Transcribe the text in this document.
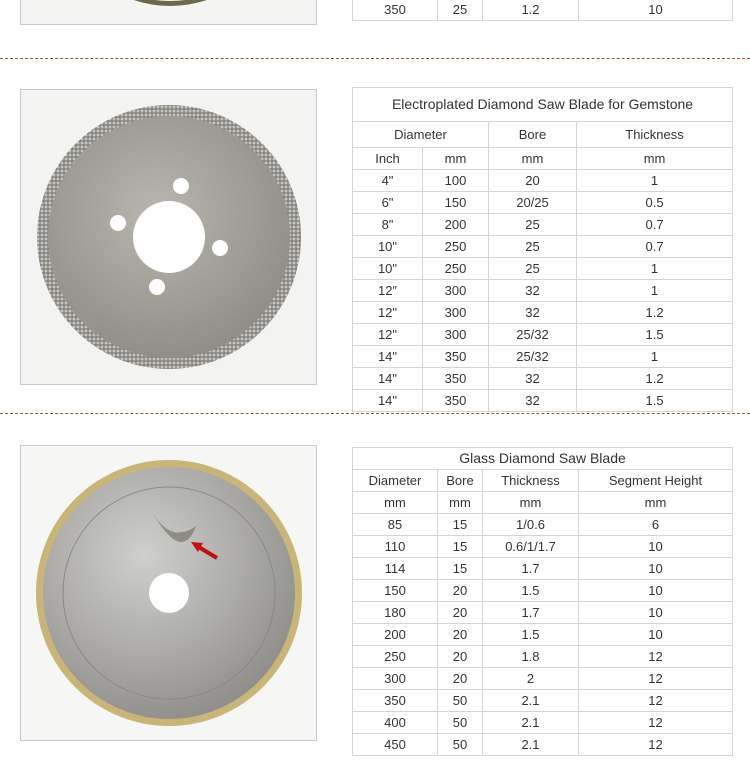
350	25	1.2	10
Electroplated Diamond Saw Blade for Gemstone			
Diameter		Bore	Thickness
Inch	mm	mm	mm
4"	100	20	1
6"	150	20/25	0.5
8"	200	25	0.7
10"	250	25	0.7
10"	250	25	1
12″	300	32	1
12"	300	32	1.2
12"	300	25/32	1.5
14"	350	25/32	1
14"	350	32	1.2
14"	350	32	1.5
Glass Diamond Saw Blade			
Diameter	Bore	Thickness	Segment Height
mm	mm	mm	mm
85	15	1/0.6	6
110	15	0.6/1/1.7	10
114	15	1.7	10
150	20	1.5	10
180	20	1.7	10
200	20	1.5	10
250	20	1.8	12
300	20	2	12
350	50	2.1	12
400	50	2.1	12
450	50	2.1	12
